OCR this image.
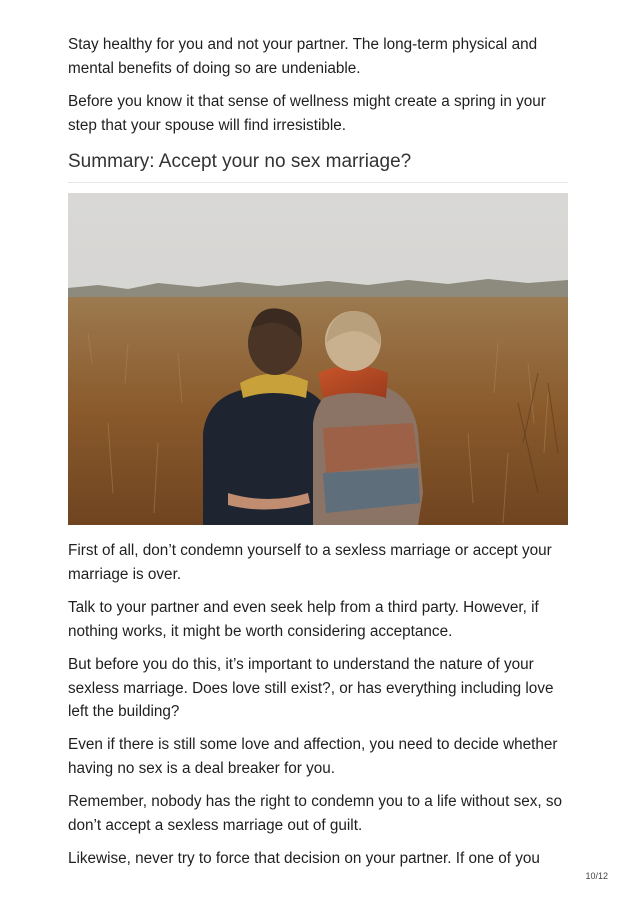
Stay healthy for you and not your partner. The long-term physical and mental benefits of doing so are undeniable.

Before you know it that sense of wellness might create a spring in your step that your spouse will find irresistible.

Summary: Accept your no sex marriage?

First of all, don’t condemn yourself to a sexless marriage or accept your marriage is over.

Talk to your partner and even seek help from a third party. However, if nothing works, it might be worth considering acceptance.

But before you do this, it’s important to understand the nature of your sexless marriage. Does love still exist?, or has everything including love left the building?

Even if there is still some love and affection, you need to decide whether having no sex is a deal breaker for you.

Remember, nobody has the right to condemn you to a life without sex, so don’t accept a sexless marriage out of guilt.

Likewise, never try to force that decision on your partner. If one of you

10/12
